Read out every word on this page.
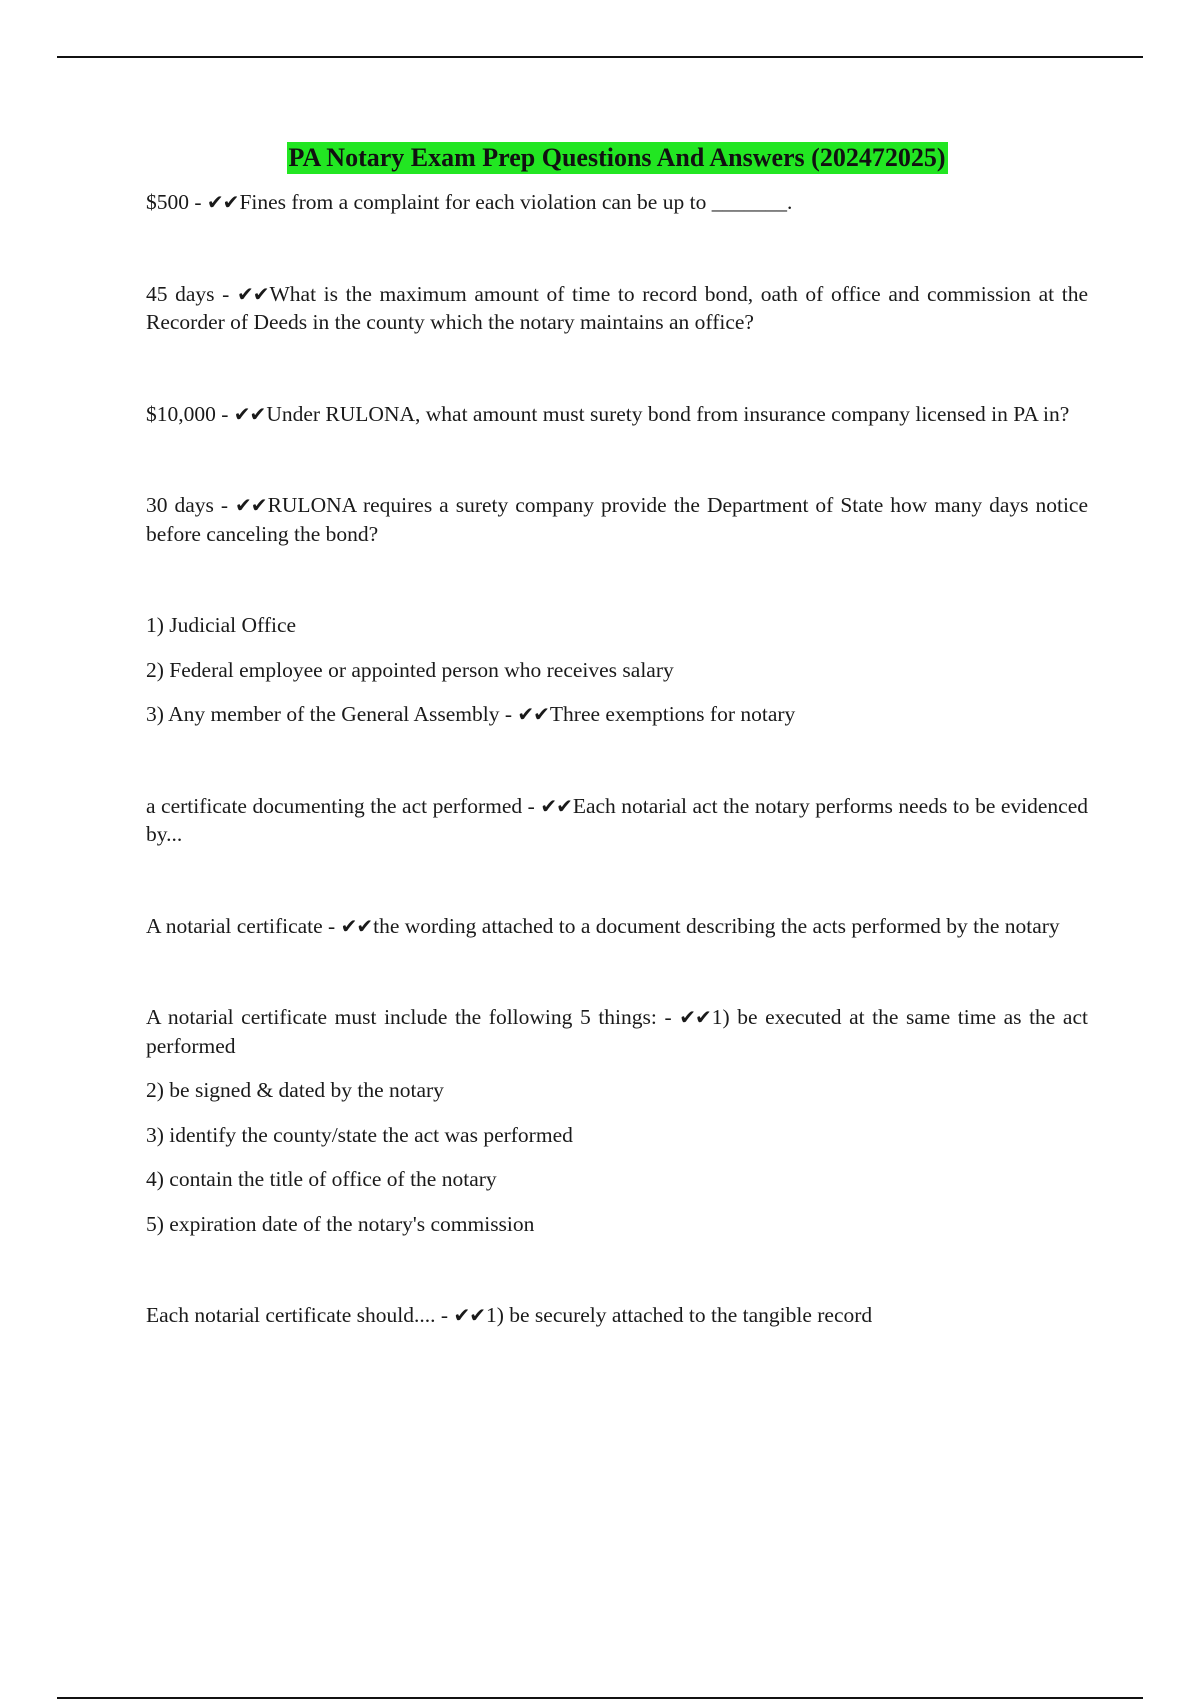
PA Notary Exam Prep Questions And Answers (202472025)

$500 - ✔✔Fines from a complaint for each violation can be up to _______.

45 days - ✔✔What is the maximum amount of time to record bond, oath of office and commission at the Recorder of Deeds in the county which the notary maintains an office?

$10,000 - ✔✔Under RULONA, what amount must surety bond from insurance company licensed in PA in?

30 days - ✔✔RULONA requires a surety company provide the Department of State how many days notice before canceling the bond?

1) Judicial Office

2) Federal employee or appointed person who receives salary

3) Any member of the General Assembly - ✔✔Three exemptions for notary

a certificate documenting the act performed - ✔✔Each notarial act the notary performs needs to be evidenced by...

A notarial certificate - ✔✔the wording attached to a document describing the acts performed by the notary

A notarial certificate must include the following 5 things: - ✔✔1) be executed at the same time as the act performed

2) be signed & dated by the notary

3) identify the county/state the act was performed

4) contain the title of office of the notary

5) expiration date of the notary's commission

Each notarial certificate should.... - ✔✔1) be securely attached to the tangible record
